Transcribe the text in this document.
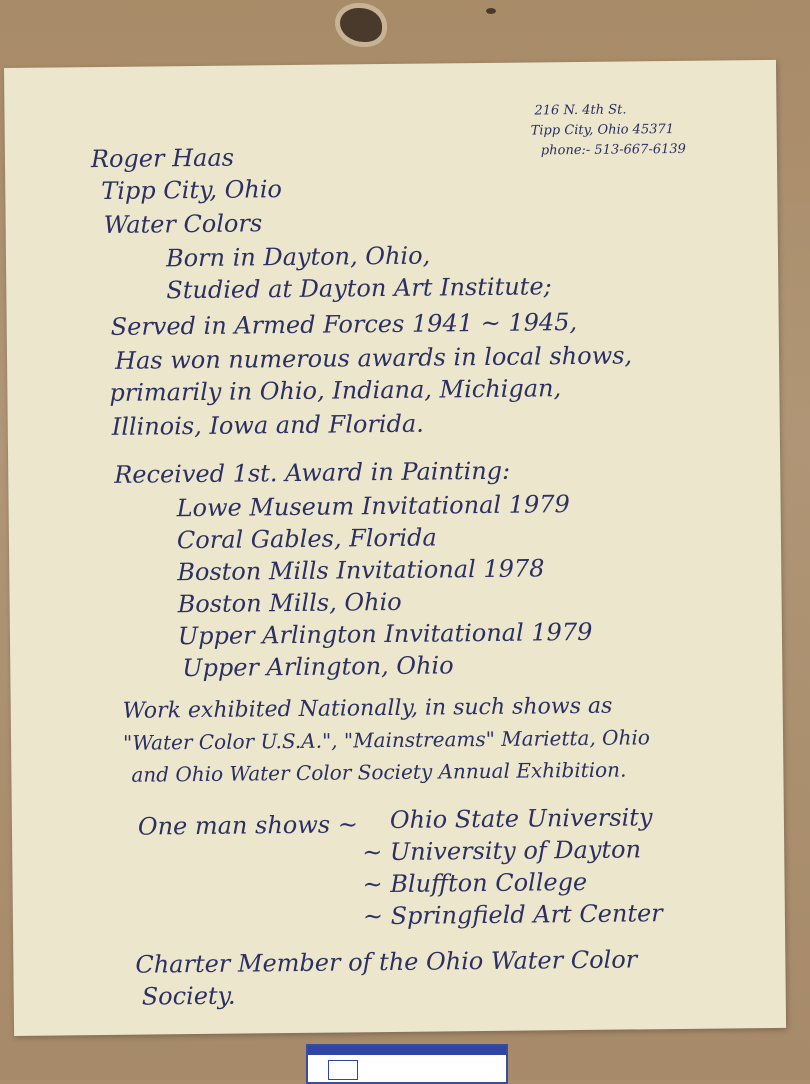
216 N. 4th St.
Tipp City, Ohio 45371
phone:- 513-667-6139
Roger Haas
Tipp City, Ohio
Water Colors
Born in Dayton, Ohio,
Studied at Dayton Art Institute;
Served in Armed Forces 1941 ~ 1945,
Has won numerous awards in local shows,
primarily in Ohio, Indiana, Michigan,
Illinois, Iowa and Florida.
Received 1st. Award in Painting:
Lowe Museum Invitational 1979
Coral Gables, Florida
Boston Mills Invitational 1978
Boston Mills, Ohio
Upper Arlington Invitational 1979
Upper Arlington, Ohio
Work exhibited Nationally, in such shows as
"Water Color U.S.A.", "Mainstreams" Marietta, Ohio
and Ohio Water Color Society Annual Exhibition.
One man shows ~ Ohio State University
~ University of Dayton
~ Bluffton College
~ Springfield Art Center
Charter Member of the Ohio Water Color
Society.
